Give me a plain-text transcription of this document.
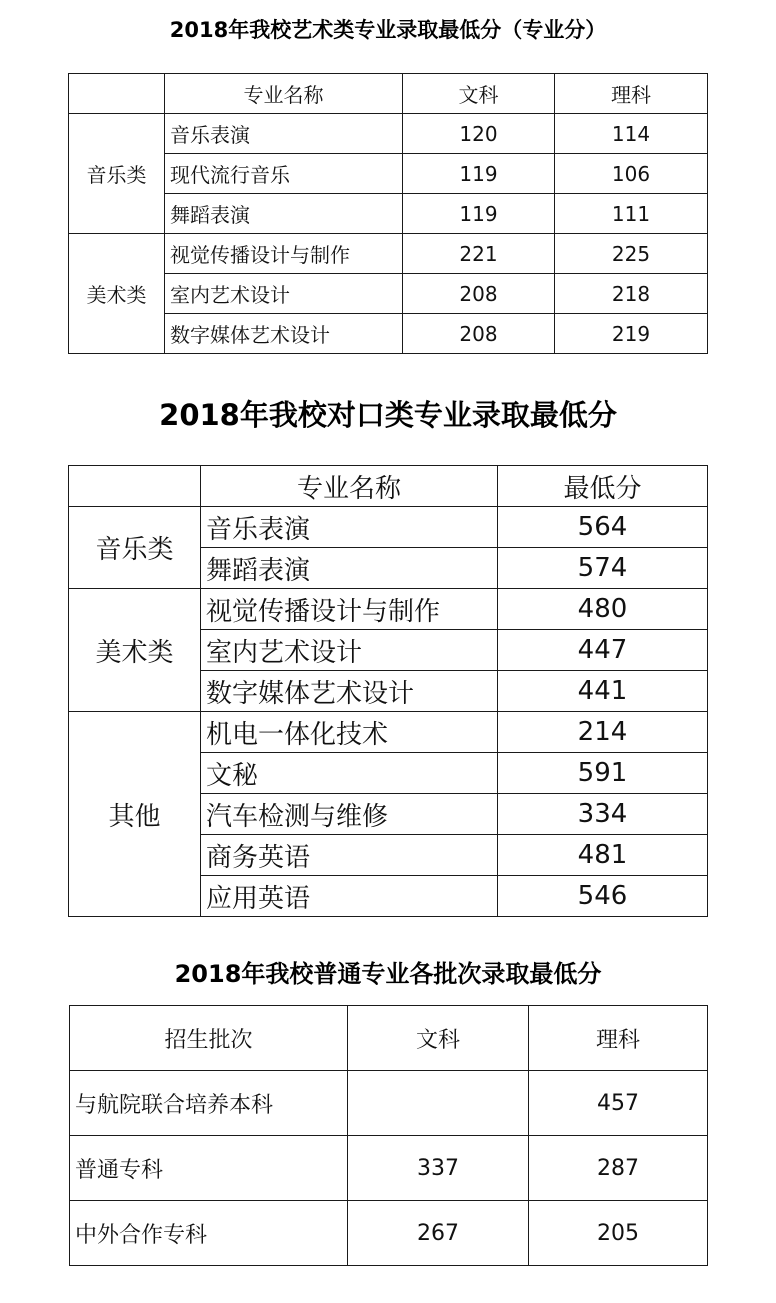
2018年我校艺术类专业录取最低分（专业分）
	专业名称	文科	理科
音乐类	音乐表演	120	114
	现代流行音乐	119	106
	舞蹈表演	119	111
美术类	视觉传播设计与制作	221	225
	室内艺术设计	208	218
	数字媒体艺术设计	208	219
2018年我校对口类专业录取最低分
	专业名称	最低分
音乐类	音乐表演	564
	舞蹈表演	574
美术类	视觉传播设计与制作	480
	室内艺术设计	447
	数字媒体艺术设计	441
其他	机电一体化技术	214
	文秘	591
	汽车检测与维修	334
	商务英语	481
	应用英语	546
2018年我校普通专业各批次录取最低分
招生批次	文科	理科
与航院联合培养本科		457
普通专科	337	287
中外合作专科	267	205
